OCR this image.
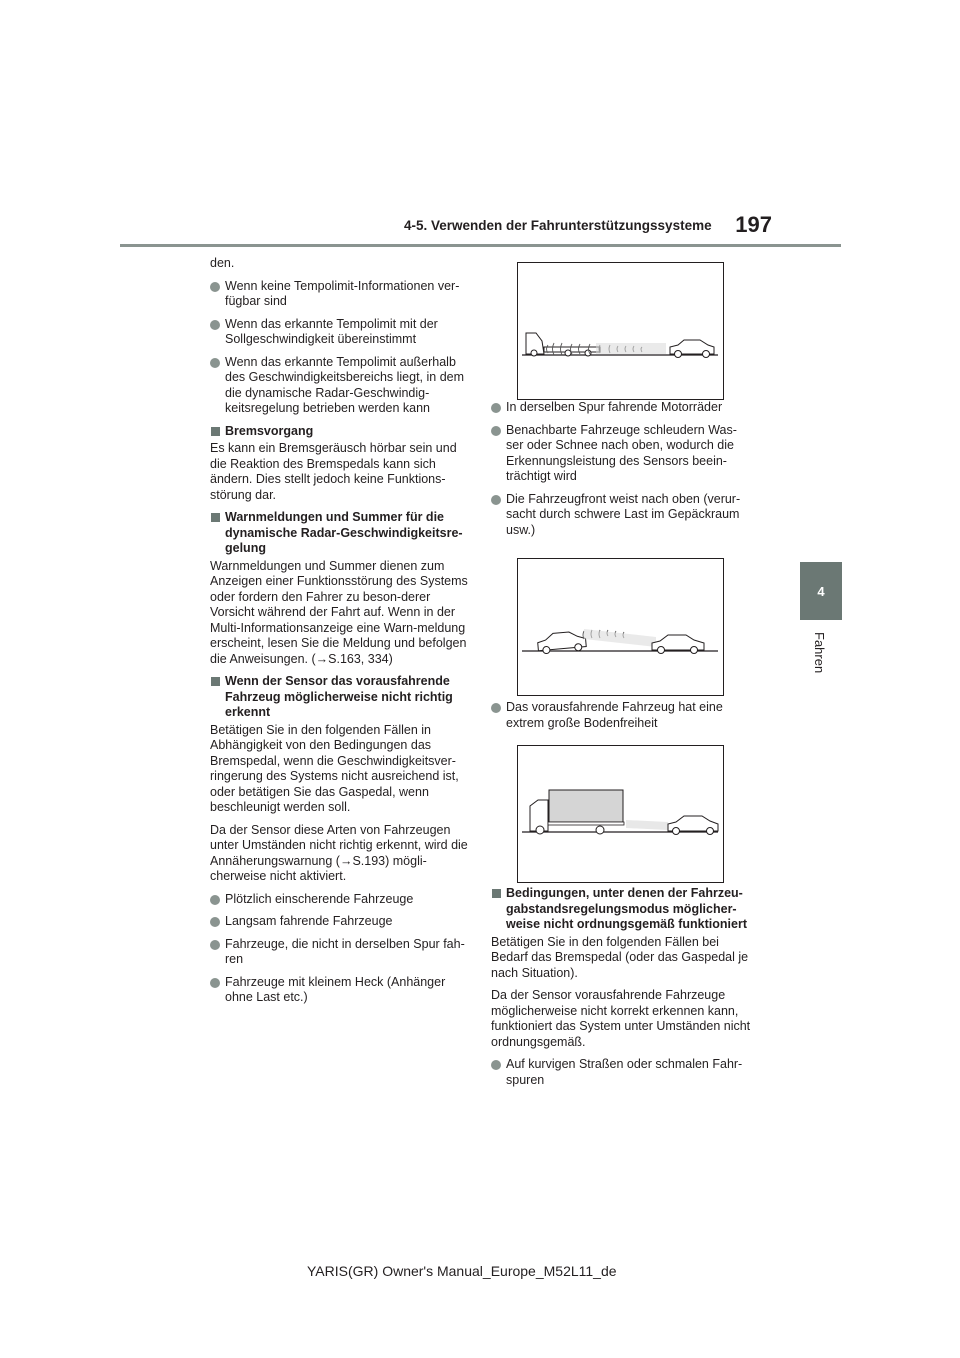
4-5. Verwenden der Fahrunterstützungssysteme 197
4
Fahren

den.

Wenn keine Tempolimit-Informationen ver-fügbar sind
Wenn das erkannte Tempolimit mit der Sollgeschwindigkeit übereinstimmt
Wenn das erkannte Tempolimit außerhalb des Geschwindigkeitsbereichs liegt, in dem die dynamische Radar-Geschwindig-keitsregelung betrieben werden kann
Bremsvorgang

Es kann ein Bremsgeräusch hörbar sein und die Reaktion des Bremspedals kann sich ändern. Dies stellt jedoch keine Funktions-störung dar.

Warnmeldungen und Summer für die dynamische Radar-Geschwindigkeitsre-gelung

Warnmeldungen und Summer dienen zum Anzeigen einer Funktionsstörung des Systems oder fordern den Fahrer zu beson-derer Vorsicht während der Fahrt auf. Wenn in der Multi-Informationsanzeige eine Warn-meldung erscheint, lesen Sie die Meldung und befolgen die Anweisungen. (→S.163, 334)

Wenn der Sensor das vorausfahrende Fahrzeug möglicherweise nicht richtig erkennt

Betätigen Sie in den folgenden Fällen in Abhängigkeit von den Bedingungen das Bremspedal, wenn die Geschwindigkeitsver-ringerung des Systems nicht ausreichend ist, oder betätigen Sie das Gaspedal, wenn beschleunigt werden soll.

Da der Sensor diese Arten von Fahrzeugen unter Umständen nicht richtig erkennt, wird die Annäherungswarnung (→S.193) mögli-cherweise nicht aktiviert.

Plötzlich einscherende Fahrzeuge
Langsam fahrende Fahrzeuge
Fahrzeuge, die nicht in derselben Spur fah-ren
Fahrzeuge mit kleinem Heck (Anhänger ohne Last etc.)
In derselben Spur fahrende Motorräder
Benachbarte Fahrzeuge schleudern Was-ser oder Schnee nach oben, wodurch die Erkennungsleistung des Sensors beein-trächtigt wird
Die Fahrzeugfront weist nach oben (verur-sacht durch schwere Last im Gepäckraum usw.)
Das vorausfahrende Fahrzeug hat eine extrem große Bodenfreiheit
Bedingungen, unter denen der Fahrzeu-gabstandsregelungsmodus möglicher-weise nicht ordnungsgemäß funktioniert

Betätigen Sie in den folgenden Fällen bei Bedarf das Bremspedal (oder das Gaspedal je nach Situation).

Da der Sensor vorausfahrende Fahrzeuge möglicherweise nicht korrekt erkennen kann, funktioniert das System unter Umständen nicht ordnungsgemäß.

Auf kurvigen Straßen oder schmalen Fahr-spuren
YARIS(GR) Owner's Manual_Europe_M52L11_de
